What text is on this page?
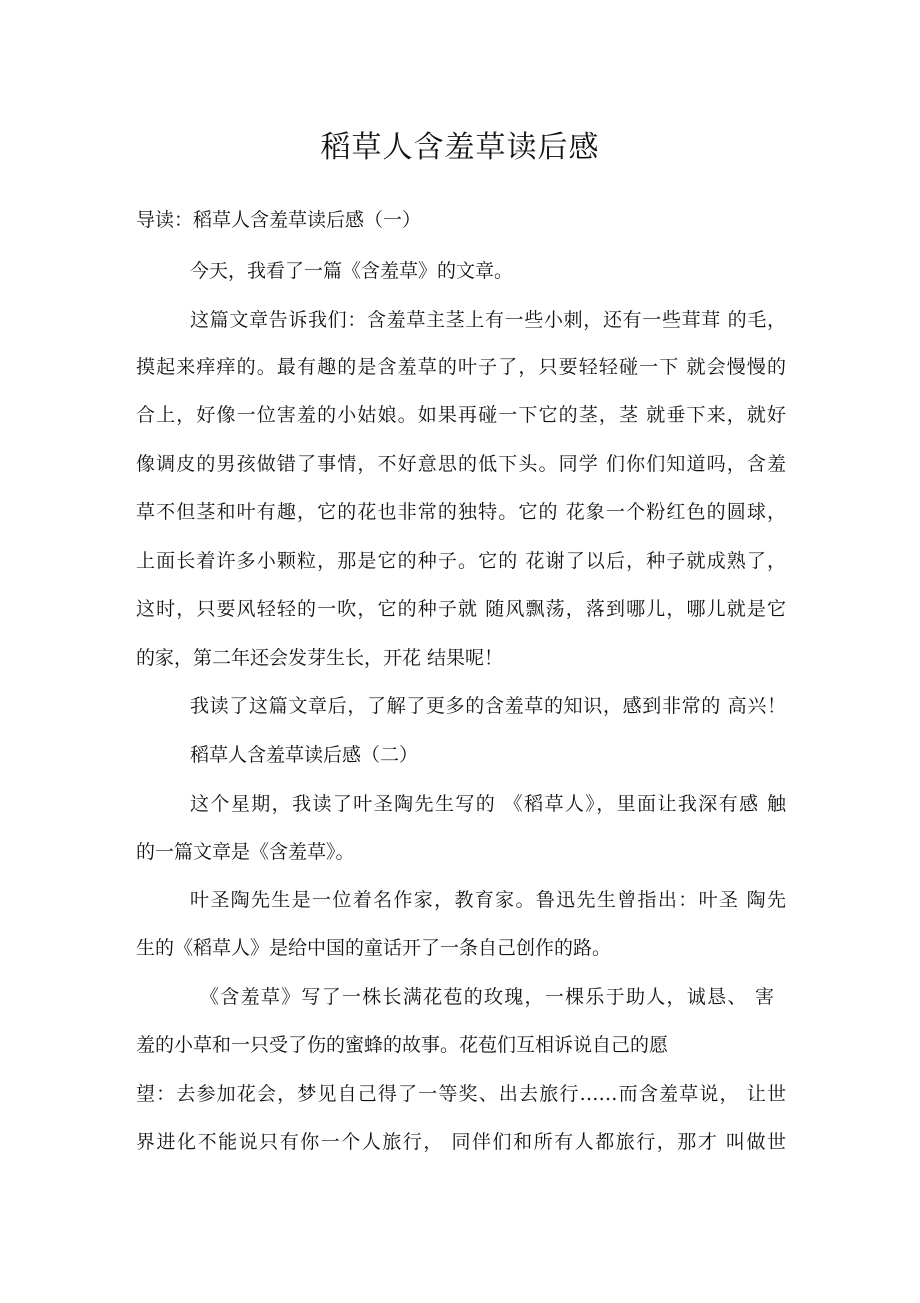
稻草人含羞草读后感
导读：稻草人含羞草读后感（一）
今天，我看了一篇《含羞草》的文章。
这篇文章告诉我们：含羞草主茎上有一些小刺，还有一些茸茸 的毛，
摸起来痒痒的。最有趣的是含羞草的叶子了，只要轻轻碰一下 就会慢慢的
合上，好像一位害羞的小姑娘。如果再碰一下它的茎，茎 就垂下来，就好
像调皮的男孩做错了事情，不好意思的低下头。同学 们你们知道吗，含羞
草不但茎和叶有趣，它的花也非常的独特。它的 花象一个粉红色的圆球，
上面长着许多小颗粒，那是它的种子。它的 花谢了以后，种子就成熟了，
这时，只要风轻轻的一吹，它的种子就 随风飘荡，落到哪儿，哪儿就是它
的家，第二年还会发芽生长，开花 结果呢！
我读了这篇文章后，了解了更多的含羞草的知识，感到非常的 高兴！
稻草人含羞草读后感（二）
这个星期，我读了叶圣陶先生写的 《稻草人》，里面让我深有感 触
的一篇文章是《含羞草》。
叶圣陶先生是一位着名作家，教育家。鲁迅先生曾指出：叶圣 陶先
生的《稻草人》是给中国的童话开了一条自己创作的路。
《含羞草》写了一株长满花苞的玫瑰，一棵乐于助人，诚恳、 害
羞的小草和一只受了伤的蜜蜂的故事。花苞们互相诉说自己的愿
望：去参加花会，梦见自己得了一等奖、出去旅行……而含羞草说， 让世
界进化不能说只有你一个人旅行， 同伴们和所有人都旅行，那才 叫做世
